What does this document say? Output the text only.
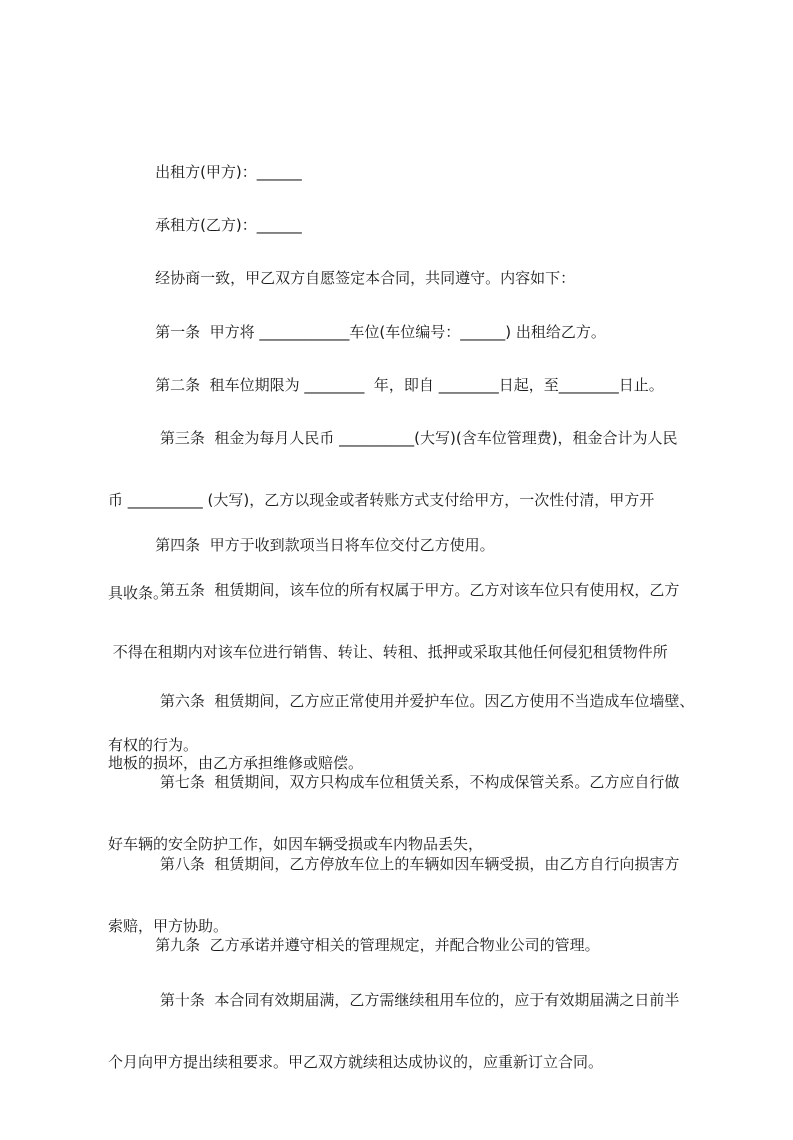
出租方(甲方)：______

承租方(乙方)：______

经协商一致，甲乙双方自愿签定本合同，共同遵守。内容如下：

第一条  甲方将 ____________车位(车位编号：______) 出租给乙方。

第二条  租车位期限为 ________  年，即自 ________日起，至________日止。

第三条  租金为每月人民币 __________(大写)(含车位管理费)，租金合计为人民

币 __________ (大写)，乙方以现金或者转账方式支付给甲方，一次性付清，甲方开

具收条。

第四条  甲方于收到款项当日将车位交付乙方使用。

第五条  租赁期间，该车位的所有权属于甲方。乙方对该车位只有使用权，乙方

不得在租期内对该车位进行销售、转让、转租、抵押或采取其他任何侵犯租赁物件所

有权的行为。

第六条  租赁期间，乙方应正常使用并爱护车位。因乙方使用不当造成车位墙壁、

地板的损坏，由乙方承担维修或赔偿。

第七条  租赁期间，双方只构成车位租赁关系，不构成保管关系。乙方应自行做

好车辆的安全防护工作，如因车辆受损或车内物品丢失，

第八条  租赁期间，乙方停放车位上的车辆如因车辆受损，由乙方自行向损害方

索赔，甲方协助。

第九条  乙方承诺并遵守相关的管理规定，并配合物业公司的管理。

第十条  本合同有效期届满，乙方需继续租用车位的，应于有效期届满之日前半

个月向甲方提出续租要求。甲乙双方就续租达成协议的，应重新订立合同。
